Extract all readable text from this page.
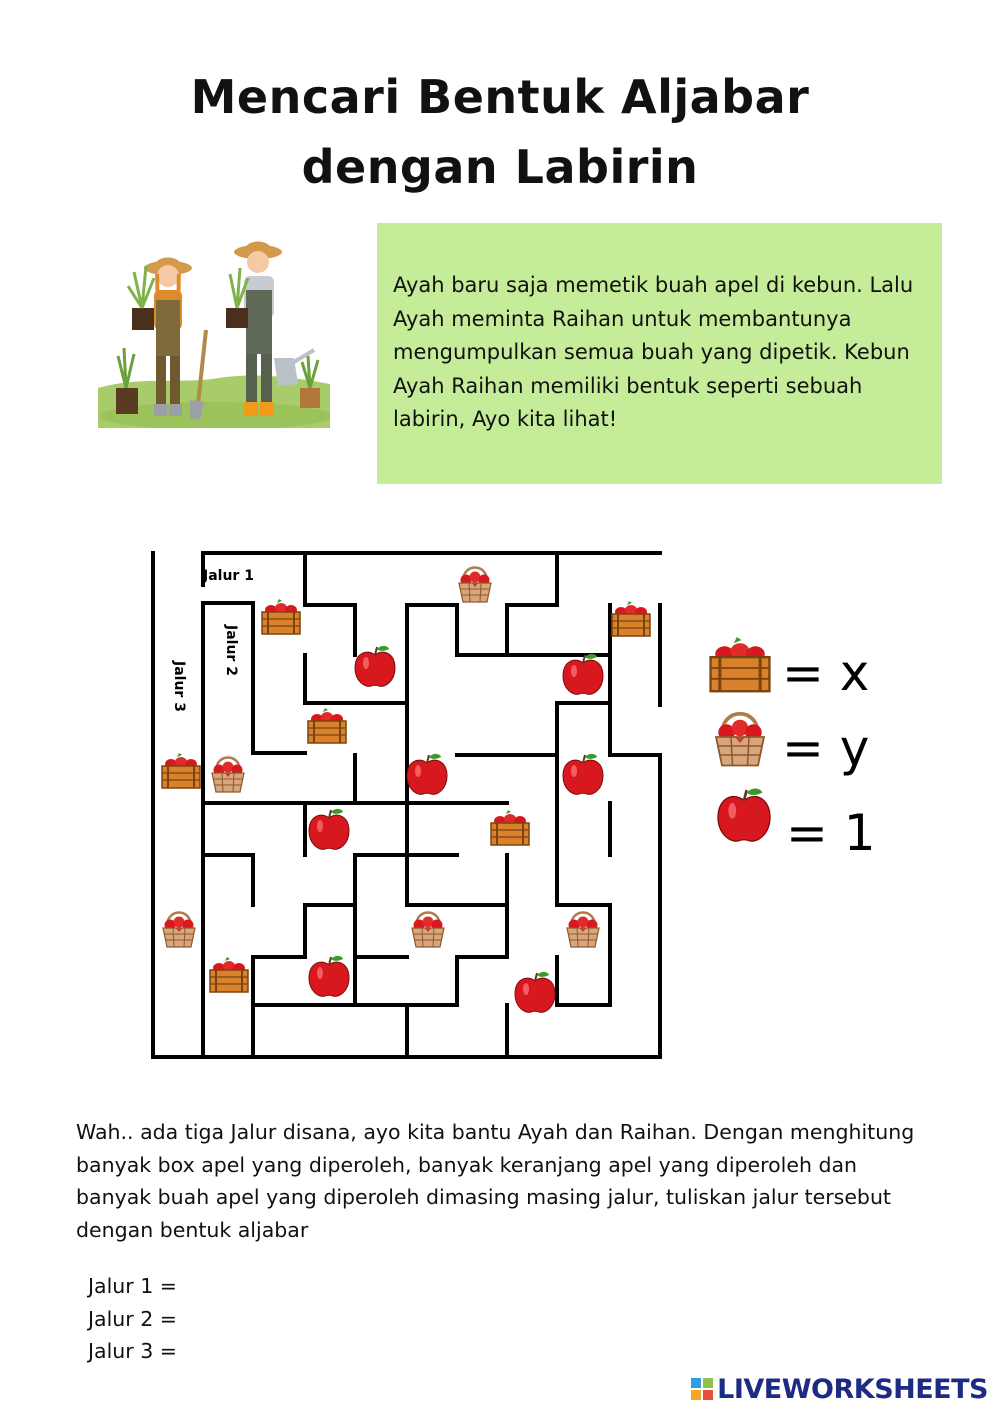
Mencari Bentuk Aljabar
dengan Labirin

Ayah baru saja memetik buah apel di kebun. Lalu Ayah meminta Raihan untuk membantunya mengumpulkan semua buah yang dipetik. Kebun Ayah Raihan memiliki bentuk seperti sebuah labirin, Ayo kita lihat!

Jalur 1
Jalur 2
Jalur 3	= x
= y
= 1

Wah.. ada tiga Jalur disana, ayo kita bantu Ayah dan Raihan. Dengan menghitung banyak box apel yang diperoleh, banyak keranjang apel yang diperoleh dan banyak buah apel yang diperoleh dimasing masing jalur, tuliskan jalur tersebut dengan bentuk aljabar

Jalur 1 =
Jalur 2 =
Jalur 3 =
LIVEWORKSHEETS
